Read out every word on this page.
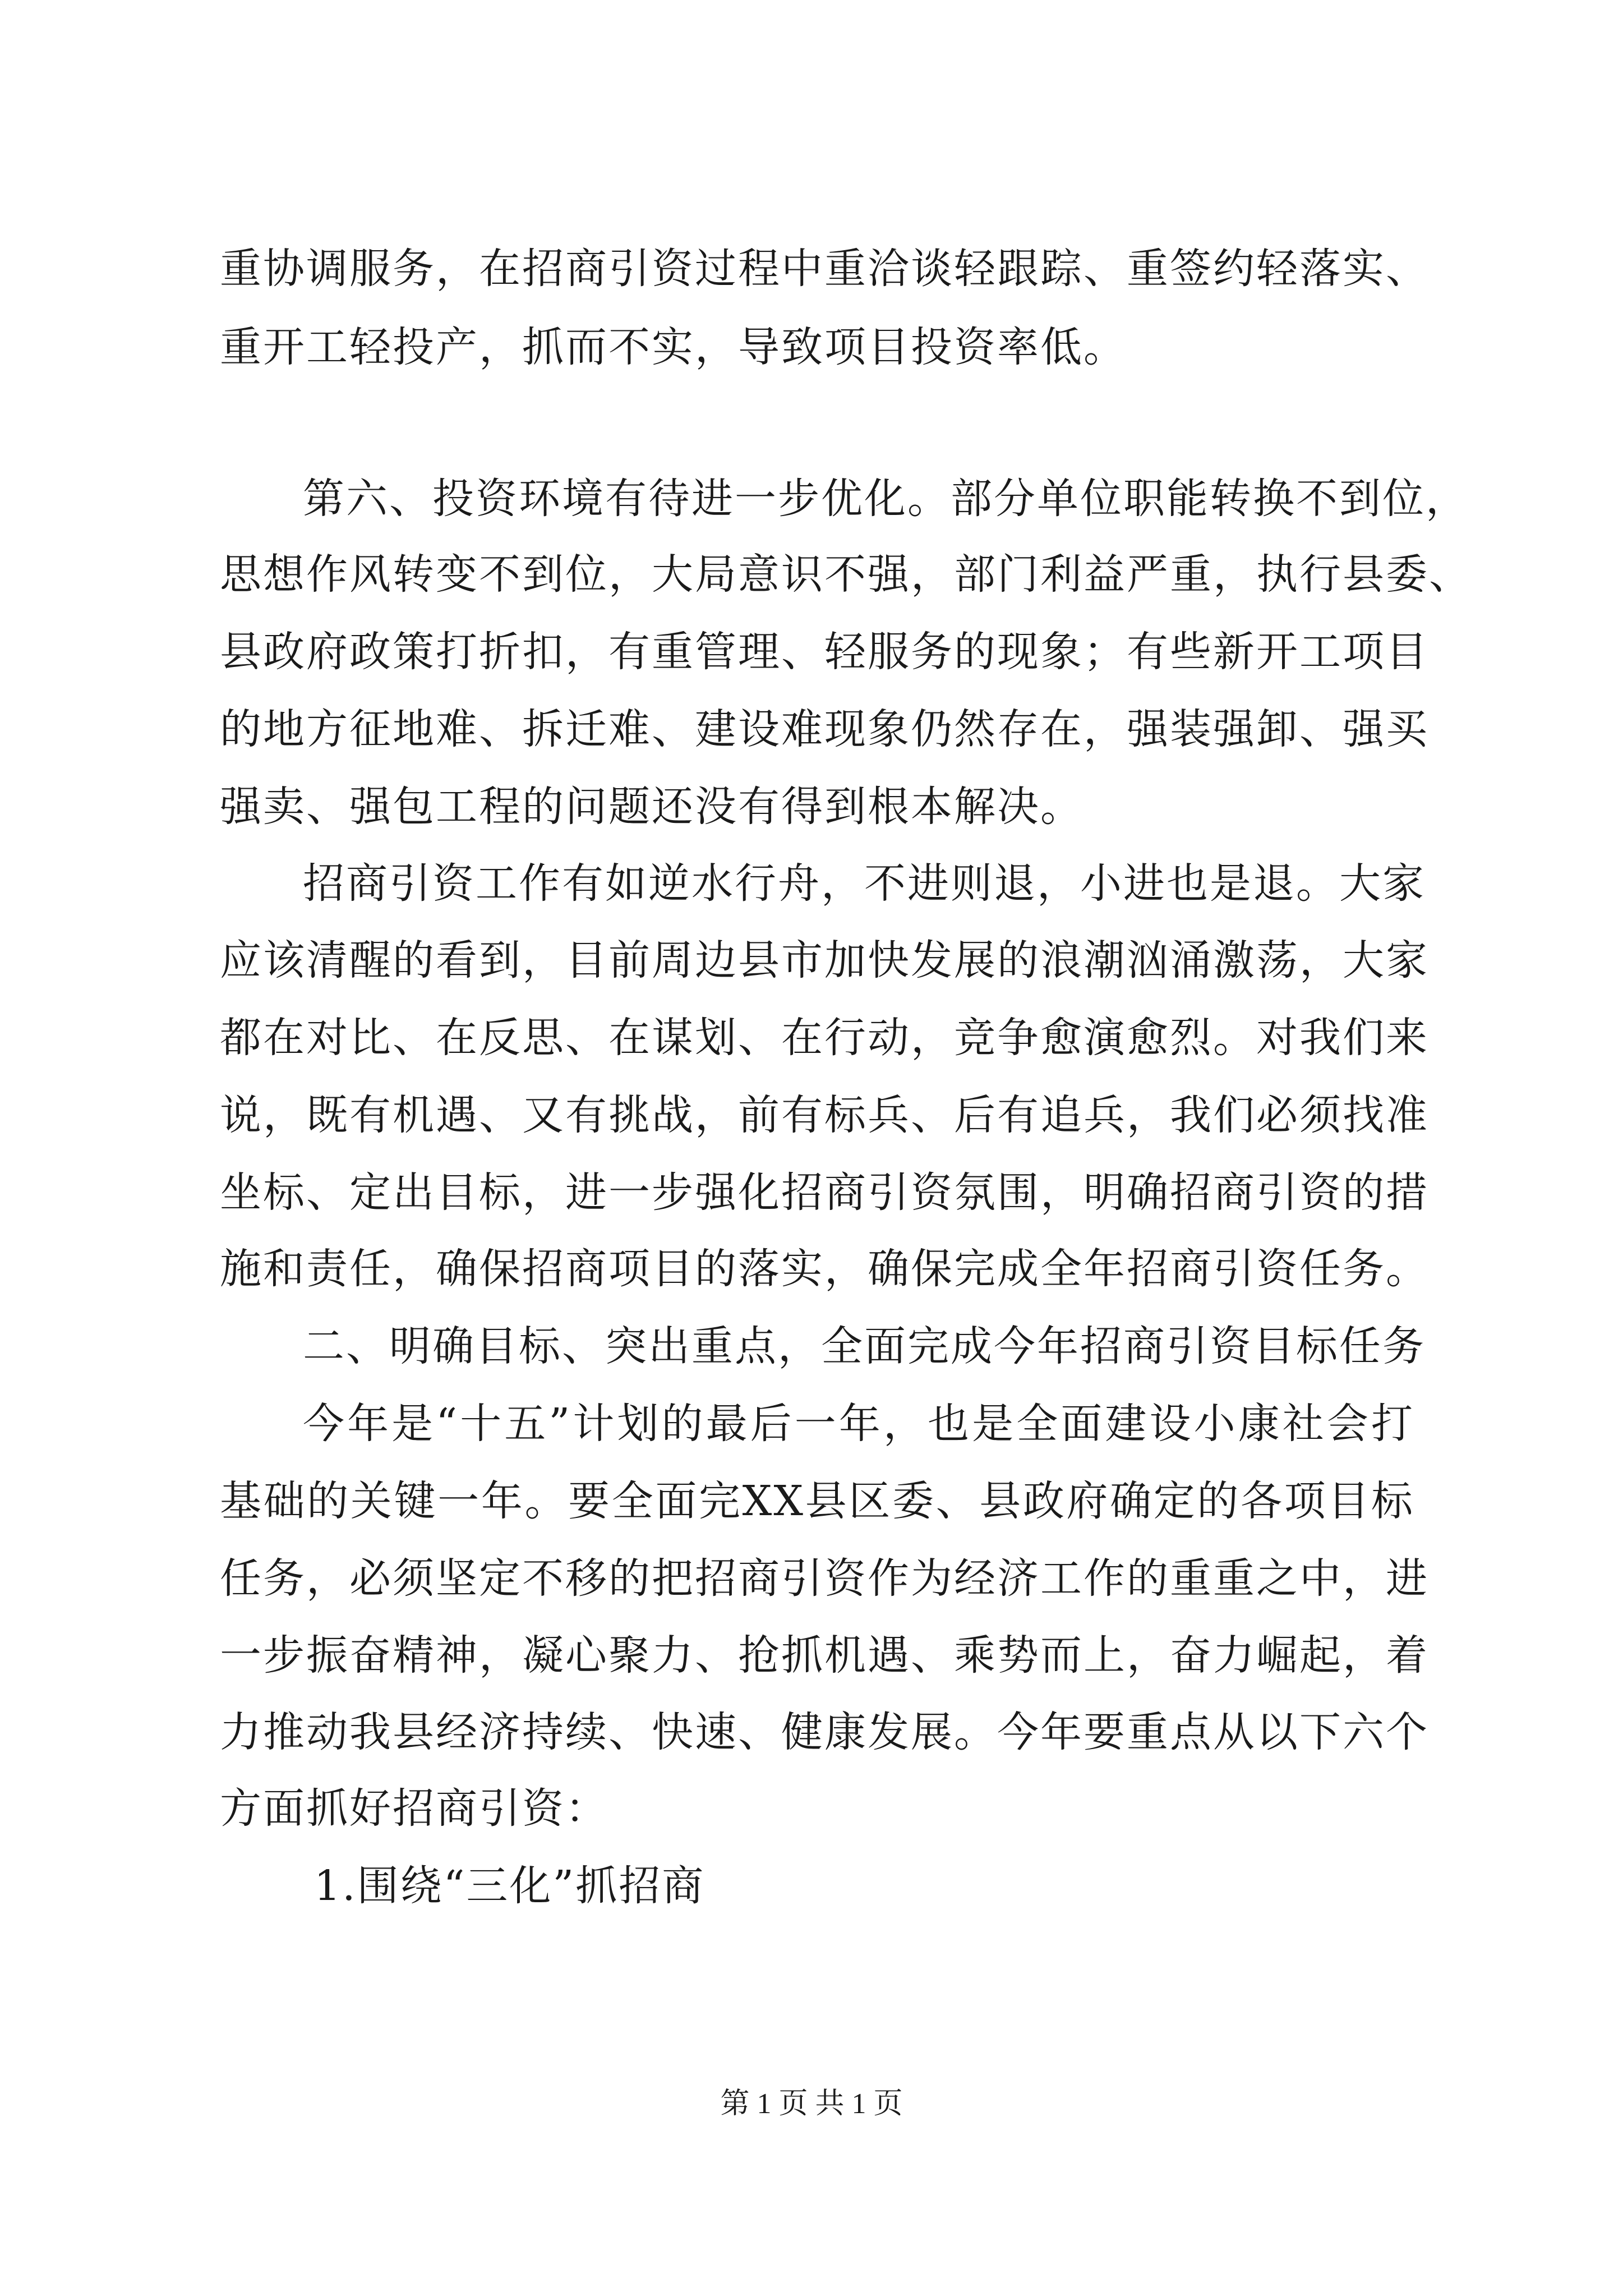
重协调服务，在招商引资过程中重洽谈轻跟踪、重签约轻落实、
重开工轻投产，抓而不实，导致项目投资率低。
第六、投资环境有待进一步优化。部分单位职能转换不到位，
思想作风转变不到位，大局意识不强，部门利益严重，执行县委、
县政府政策打折扣，有重管理、轻服务的现象；有些新开工项目
的地方征地难、拆迁难、建设难现象仍然存在，强装强卸、强买
强卖、强包工程的问题还没有得到根本解决。
招商引资工作有如逆水行舟，不进则退，小进也是退。大家
应该清醒的看到，目前周边县市加快发展的浪潮汹涌激荡，大家
都在对比、在反思、在谋划、在行动，竞争愈演愈烈。对我们来
说，既有机遇、又有挑战，前有标兵、后有追兵，我们必须找准
坐标、定出目标，进一步强化招商引资氛围，明确招商引资的措
施和责任，确保招商项目的落实，确保完成全年招商引资任务。
二、明确目标、突出重点，全面完成今年招商引资目标任务
今年是“十五”计划的最后一年，也是全面建设小康社会打
基础的关键一年。要全面完XX县区委、县政府确定的各项目标
任务，必须坚定不移的把招商引资作为经济工作的重重之中，进
一步振奋精神，凝心聚力、抢抓机遇、乘势而上，奋力崛起，着
力推动我县经济持续、快速、健康发展。今年要重点从以下六个
方面抓好招商引资：
1.围绕“三化”抓招商
第 1 页 共 1 页
